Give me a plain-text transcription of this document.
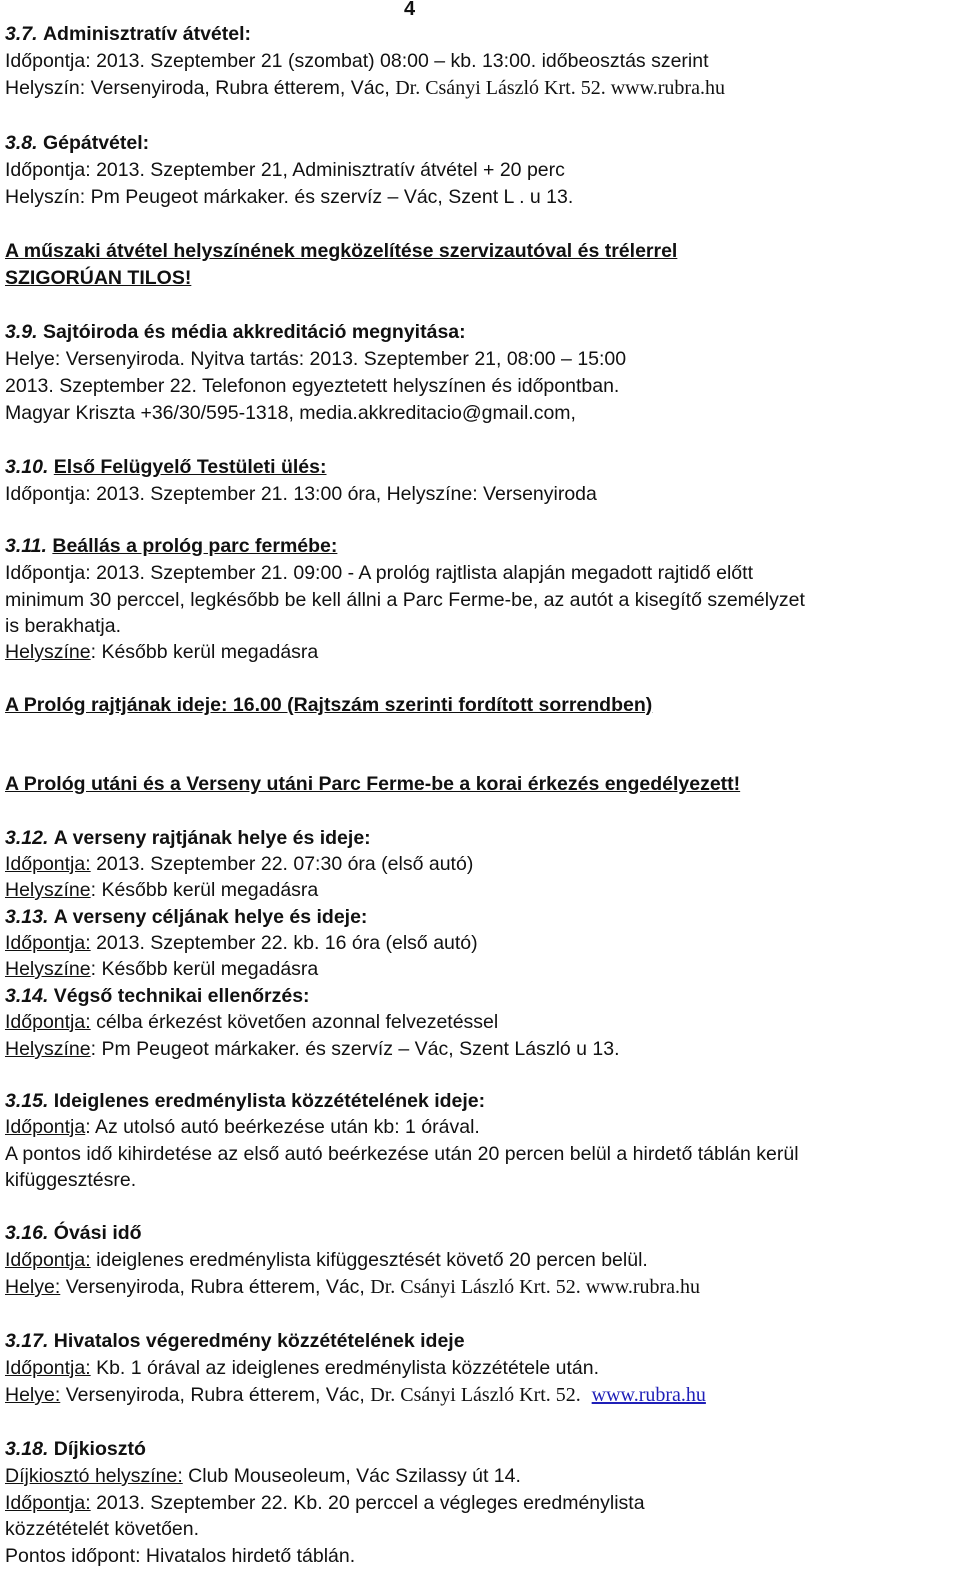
4
3.7. Adminisztratív átvétel:
Időpontja: 2013. Szeptember 21 (szombat) 08:00 – kb. 13:00. időbeosztás szerint
Helyszín: Versenyiroda, Rubra étterem, Vác, Dr. Csányi László Krt. 52. www.rubra.hu
3.8. Gépátvétel:
Időpontja: 2013. Szeptember 21, Adminisztratív átvétel + 20 perc
Helyszín: Pm Peugeot márkaker. és szervíz – Vác, Szent L . u 13.
A műszaki átvétel helyszínének megközelítése szervizautóval és trélerrel
SZIGORÚAN TILOS!
3.9. Sajtóiroda és média akkreditáció megnyitása:
Helye: Versenyiroda. Nyitva tartás: 2013. Szeptember 21, 08:00 – 15:00
2013. Szeptember 22. Telefonon egyeztetett helyszínen és időpontban.
Magyar Kriszta +36/30/595-1318, media.akkreditacio@gmail.com,
3.10. Első Felügyelő Testületi ülés:
Időpontja: 2013. Szeptember 21. 13:00 óra, Helyszíne: Versenyiroda
3.11. Beállás a prológ parc fermébe:
Időpontja: 2013. Szeptember 21. 09:00 - A prológ rajtlista alapján megadott rajtidő előtt
minimum 30 perccel, legkésőbb be kell állni a Parc Ferme-be, az autót a kisegítő személyzet
is berakhatja.
Helyszíne: Később kerül megadásra
A Prológ rajtjának ideje: 16.00 (Rajtszám szerinti fordított sorrendben)
A Prológ utáni és a Verseny utáni Parc Ferme-be a korai érkezés engedélyezett!
3.12. A verseny rajtjának helye és ideje:
Időpontja: 2013. Szeptember 22. 07:30 óra (első autó)
Helyszíne: Később kerül megadásra
3.13. A verseny céljának helye és ideje:
Időpontja: 2013. Szeptember 22. kb. 16 óra (első autó)
Helyszíne: Később kerül megadásra
3.14. Végső technikai ellenőrzés:
Időpontja: célba érkezést követően azonnal felvezetéssel
Helyszíne: Pm Peugeot márkaker. és szervíz – Vác, Szent László u 13.
3.15. Ideiglenes eredménylista közzétételének ideje:
Időpontja: Az utolsó autó beérkezése után kb: 1 órával.
A pontos idő kihirdetése az első autó beérkezése után 20 percen belül a hirdető táblán kerül
kifüggesztésre.
3.16. Óvási idő
Időpontja: ideiglenes eredménylista kifüggesztését követő 20 percen belül.
Helye: Versenyiroda, Rubra étterem, Vác, Dr. Csányi László Krt. 52. www.rubra.hu
3.17. Hivatalos végeredmény közzétételének ideje
Időpontja: Kb. 1 órával az ideiglenes eredménylista közzététele után.
Helye: Versenyiroda, Rubra étterem, Vác, Dr. Csányi László Krt. 52. www.rubra.hu
3.18. Díjkiosztó
Díjkiosztó helyszíne: Club Mouseoleum, Vác Szilassy út 14.
Időpontja: 2013. Szeptember 22. Kb. 20 perccel a végleges eredménylista
közzétételét követően.
Pontos időpont: Hivatalos hirdető táblán.
